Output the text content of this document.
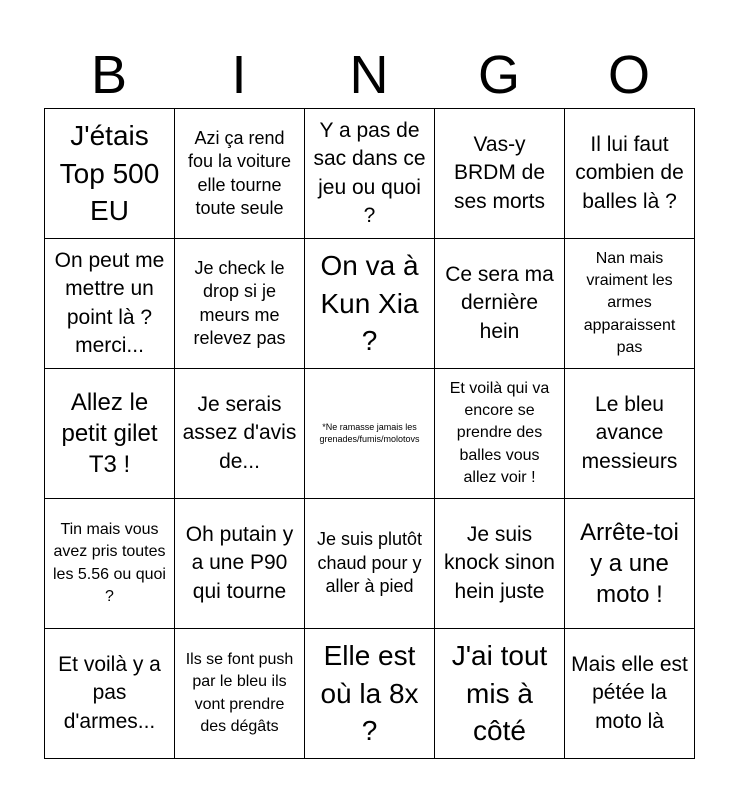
B	I	N	G	O
J'étais Top 500 EU
Azi ça rend fou la voiture elle tourne toute seule
Y a pas de sac dans ce jeu ou quoi ?
Vas-y BRDM de ses morts
Il lui faut combien de balles là ?
On peut me mettre un point là ? merci...
Je check le drop si je meurs me relevez pas
On va à Kun Xia ?
Ce sera ma dernière hein
Nan mais vraiment les armes apparaissent pas
Allez le petit gilet T3 !
Je serais assez d'avis de...
*Ne ramasse jamais les grenades/fumis/molotovs
Et voilà qui va encore se prendre des balles vous allez voir !
Le bleu avance messieurs
Tin mais vous avez pris toutes les 5.56 ou quoi ?
Oh putain y a une P90 qui tourne
Je suis plutôt chaud pour y aller à pied
Je suis knock sinon hein juste
Arrête-toi y a une moto !
Et voilà y a pas d'armes...
Ils se font push par le bleu ils vont prendre des dégâts
Elle est où la 8x ?
J'ai tout mis à côté
Mais elle est pétée la moto là
